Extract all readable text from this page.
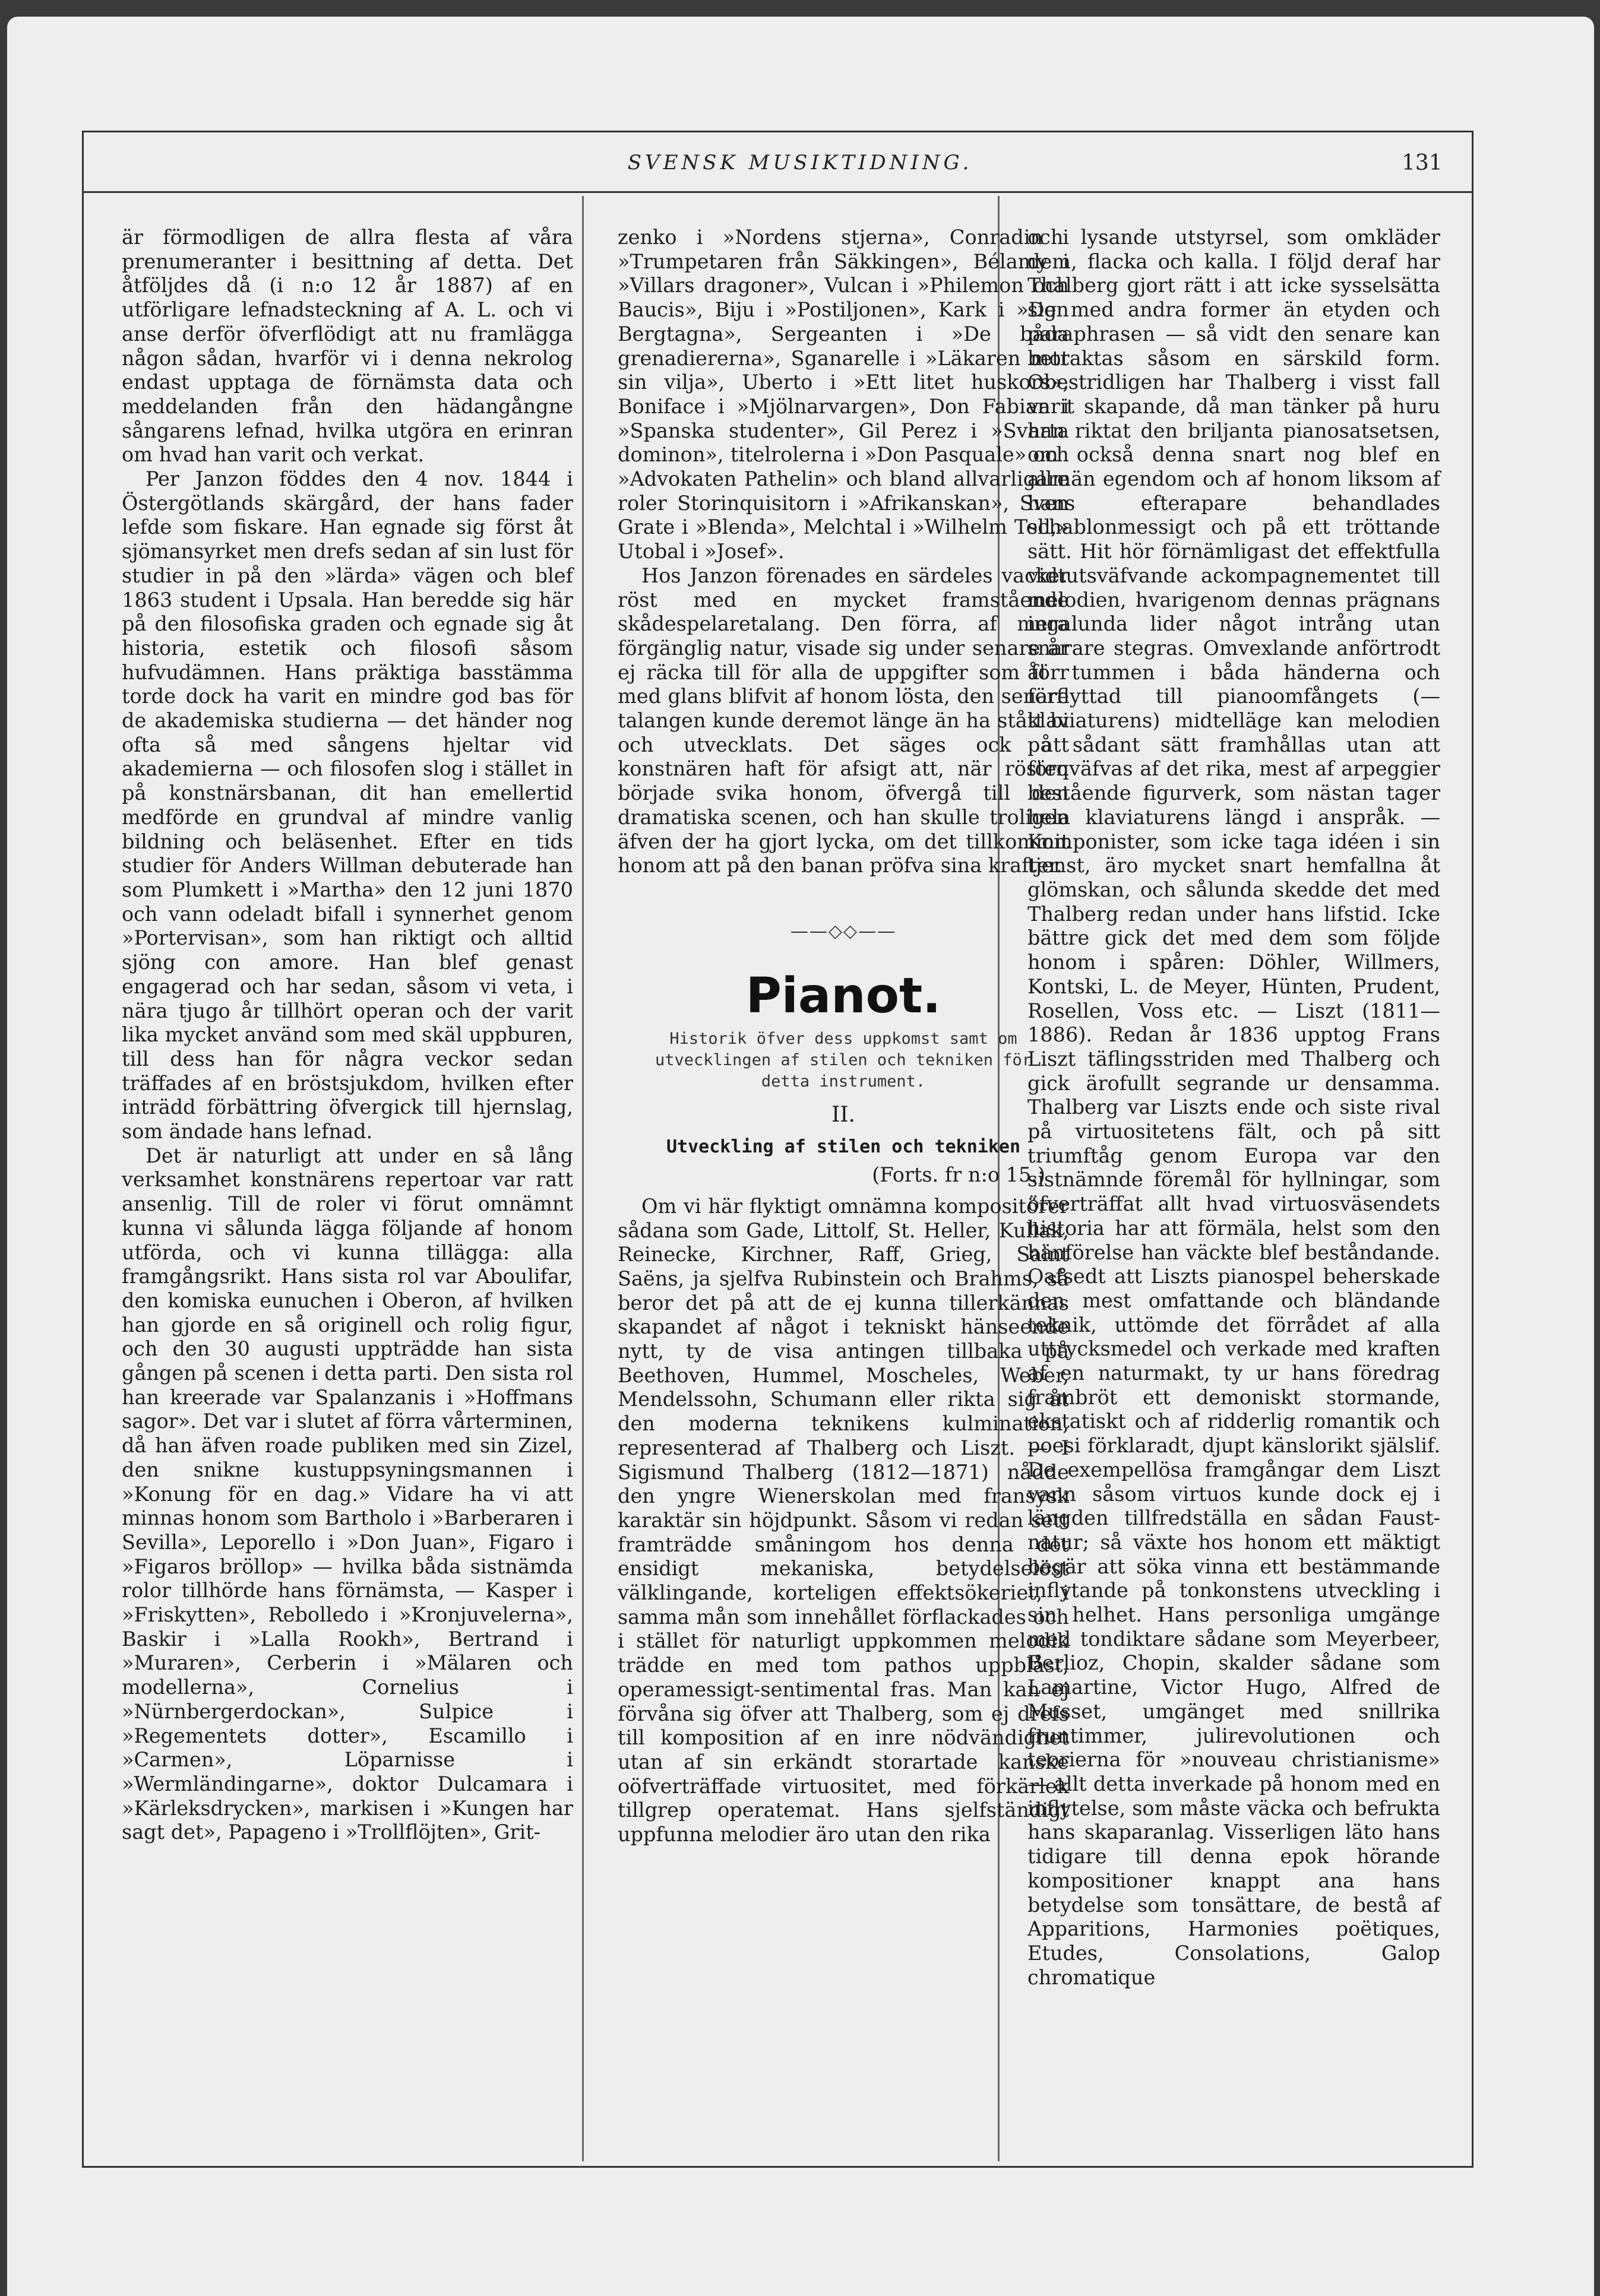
SVENSK MUSIKTIDNING.	131

är förmodligen de allra flesta af våra prenumeranter i besittning af detta. Det åtföljdes då (i n:o 12 år 1887) af en utförligare lefnadsteckning af A. L. och vi anse derför öfverflödigt att nu framlägga någon sådan, hvarför vi i denna nekrolog endast upptaga de förnämsta data och meddelanden från den hädangångne sångarens lefnad, hvilka utgöra en erinran om hvad han varit och verkat.

Per Janzon föddes den 4 nov. 1844 i Östergötlands skärgård, der hans fader lefde som fiskare. Han egnade sig först åt sjömansyrket men drefs sedan af sin lust för studier in på den »lärda» vägen och blef 1863 student i Upsala. Han beredde sig här på den filosofiska graden och egnade sig åt historia, estetik och filosofi såsom hufvudämnen. Hans präktiga basstämma torde dock ha varit en mindre god bas för de akademiska studierna — det händer nog ofta så med sångens hjeltar vid akademierna — och filosofen slog i stället in på konstnärsbanan, dit han emellertid medförde en grundval af mindre vanlig bildning och beläsenhet. Efter en tids studier för Anders Willman debuterade han som Plumkett i »Martha» den 12 juni 1870 och vann odeladt bifall i synnerhet genom »Portervisan», som han riktigt och alltid sjöng con amore. Han blef genast engagerad och har sedan, såsom vi veta, i nära tjugo år tillhört operan och der varit lika mycket använd som med skäl uppburen, till dess han för några veckor sedan träffades af en bröstsjukdom, hvilken efter inträdd förbättring öfvergick till hjernslag, som ändade hans lefnad.

Det är naturligt att under en så lång verksamhet konstnärens repertoar var ratt ansenlig. Till de roler vi förut omnämnt kunna vi sålunda lägga följande af honom utförda, och vi kunna tillägga: alla framgångsrikt. Hans sista rol var Aboulifar, den komiska eunuchen i Oberon, af hvilken han gjorde en så originell och rolig figur, och den 30 augusti uppträdde han sista gången på scenen i detta parti. Den sista rol han kreerade var Spalanzanis i »Hoffmans sagor». Det var i slutet af förra vårterminen, då han äfven roade publiken med sin Zizel, den snikne kustuppsyningsmannen i »Konung för en dag.» Vidare ha vi att minnas honom som Bartholo i »Barberaren i Sevilla», Leporello i »Don Juan», Figaro i »Figaros bröllop» — hvilka båda sistnämda rolor tillhörde hans förnämsta, — Kasper i »Friskytten», Rebolledo i »Kronjuvelerna», Baskir i »Lalla Rookh», Bertrand i »Muraren», Cerberin i »Mälaren och modellerna», Cornelius i »Nürnbergerdockan», Sulpice i »Regementets dotter», Escamillo i »Carmen», Löparnisse i »Wermländingarne», doktor Dulcamara i »Kärleksdrycken», markisen i »Kungen har sagt det», Papageno i »Trollflöjten», Grit-

zenko i »Nordens stjerna», Conradin i »Trumpetaren från Säkkingen», Bélamy i »Villars dragoner», Vulcan i »Philemon och Baucis», Biju i »Postiljonen», Kark i »Den Bergtagna», Sergeanten i »De båda grenadiererna», Sganarelle i »Läkaren mot sin vilja», Uberto i »Ett litet huskors», Boniface i »Mjölnarvargen», Don Fabian i »Spanska studenter», Gil Perez i »Svarta dominon», titelrolerna i »Don Pasquale» och »Advokaten Pathelin» och bland allvarligare roler Storinquisitorn i »Afrikanskan», Sven Grate i »Blenda», Melchtal i »Wilhelm Tell,» Utobal i »Josef».

Hos Janzon förenades en särdeles vacker röst med en mycket framstående skådespelaretalang. Den förra, af mera förgänglig natur, visade sig under senare år ej räcka till för alla de uppgifter som förr med glans blifvit af honom lösta, den senare talangen kunde deremot länge än ha stått bi och utvecklats. Det säges ock att konstnären haft för afsigt att, när rösten började svika honom, öfvergå till den dramatiska scenen, och han skulle troligen äfven der ha gjort lycka, om det tillkommit honom att på den banan pröfva sina krafter.

——◇◇——
Pianot.
Historik öfver dess uppkomst samt om utvecklingen af stilen och tekniken för detta instrument.
II.
Utveckling af stilen och tekniken
(Forts. fr n:o 15.)

Om vi här flyktigt omnämna kompositörer sådana som Gade, Littolf, St. Heller, Kullak, Reinecke, Kirchner, Raff, Grieg, Saint Saëns, ja sjelfva Rubinstein och Brahms, så beror det på att de ej kunna tillerkännas skapandet af något i tekniskt hänseende nytt, ty de visa antingen tillbaka på Beethoven, Hummel, Moscheles, Weber, Mendelssohn, Schumann eller rikta sig åt den moderna teknikens kulmination, representerad af Thalberg och Liszt. — I Sigismund Thalberg (1812—1871) nådde den yngre Wienerskolan med fransysk karaktär sin höjdpunkt. Såsom vi redan sett framträdde småningom hos denna det ensidigt mekaniska, betydelselöst välklingande, korteligen effektsökeriet, i samma mån som innehållet förflackades och i stället för naturligt uppkommen melodik trädde en med tom pathos uppblåst, operamessigt-sentimental fras. Man kan ej förvåna sig öfver att Thalberg, som ej drefs till komposition af en inre nödvändighet utan af sin erkändt storartade kanske oöfverträffade virtuositet, med förkärlek tillgrep operatemat. Hans sjelfständigt uppfunna melodier äro utan den rika

och lysande utstyrsel, som omkläder dem, flacka och kalla. I följd deraf har Thalberg gjort rätt i att icke sysselsätta sig med andra former än etyden och paraphrasen — så vidt den senare kan betraktas såsom en särskild form. Obestridligen har Thalberg i visst fall varit skapande, då man tänker på huru han riktat den briljanta pianosatsetsen, om också denna snart nog blef en allmän egendom och af honom liksom af hans efterapare behandlades schablonmessigt och på ett tröttande sätt. Hit hör förnämligast det effektfulla vidtutsväfvande ackompagnementet till melodien, hvarigenom dennas prägnans ingalunda lider något intrång utan snarare stegras. Omvexlande anförtrodt åt tummen i båda händerna och förflyttad till pianoomfångets (— klaviaturens) midtelläge kan melodien på sådant sätt framhållas utan att förqväfvas af det rika, mest af arpeggier bestående figurverk, som nästan tager hela klaviaturens längd i anspråk. — Komponister, som icke taga idéen i sin tjenst, äro mycket snart hemfallna åt glömskan, och sålunda skedde det med Thalberg redan under hans lifstid. Icke bättre gick det med dem som följde honom i spåren: Döhler, Willmers, Kontski, L. de Meyer, Hünten, Prudent, Rosellen, Voss etc. — Liszt (1811—1886). Redan år 1836 upptog Frans Liszt täflingsstriden med Thalberg och gick ärofullt segrande ur densamma. Thalberg var Liszts ende och siste rival på virtuositetens fält, och på sitt triumftåg genom Europa var den sistnämnde föremål för hyllningar, som öfverträffat allt hvad virtuosväsendets historia har att förmäla, helst som den hänförelse han väckte blef beståndande. Oafsedt att Liszts pianospel beherskade den mest omfattande och bländande teknik, uttömde det förrådet af alla uttrycksmedel och verkade med kraften af en naturmakt, ty ur hans föredrag frambröt ett demoniskt stormande, ekstatiskt och af ridderlig romantik och poesi förklaradt, djupt känslorikt själslif. De exempellösa framgångar dem Liszt vann såsom virtuos kunde dock ej i längden tillfredställa en sådan Faust-natur; så växte hos honom ett mäktigt begär att söka vinna ett bestämmande inflytande på tonkonstens utveckling i sin helhet. Hans personliga umgänge med tondiktare sådane som Meyerbeer, Berlioz, Chopin, skalder sådane som Lamartine, Victor Hugo, Alfred de Musset, umgänget med snillrika fruntimmer, julirevolutionen och teorierna för »nouveau christianisme» — allt detta inverkade på honom med en inflytelse, som måste väcka och befrukta hans skaparanlag. Visserligen läto hans tidigare till denna epok hörande kompositioner knappt ana hans betydelse som tonsättare, de bestå af Apparitions, Harmonies poëtiques, Etudes, Consolations, Galop chromatique
